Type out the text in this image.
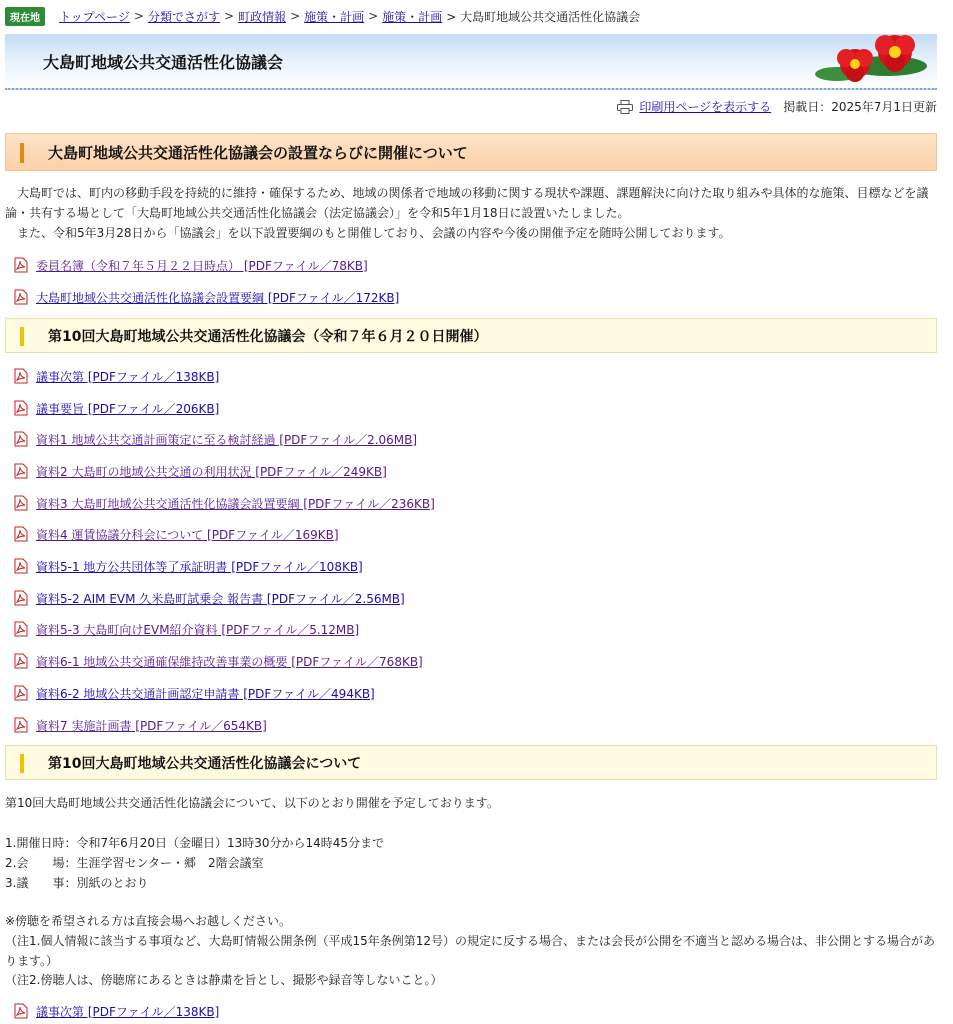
現在地	トップページ > 分類でさがす > 町政情報 > 施策・計画 > 施策・計画 > 大島町地域公共交通活性化協議会
大島町地域公共交通活性化協議会
印刷用ページを表示する 掲載日：2025年7月1日更新
大島町地域公共交通活性化協議会の設置ならびに開催について
　大島町では、町内の移動手段を持続的に維持・確保するため、地域の関係者で地域の移動に関する現状や課題、課題解決に向けた取り組みや具体的な施策、目標などを議論・共有する場として「大島町地域公共交通活性化協議会（法定協議会）」を令和5年1月18日に設置いたしました。
　また、令和5年3月28日から「協議会」を以下設置要綱のもと開催しており、会議の内容や今後の開催予定を随時公開しております。
委員名簿（令和７年５月２２日時点） [PDFファイル／78KB]
大島町地域公共交通活性化協議会設置要綱 [PDFファイル／172KB]
第10回大島町地域公共交通活性化協議会（令和７年６月２０日開催）
議事次第 [PDFファイル／138KB]
議事要旨 [PDFファイル／206KB]
資料1 地域公共交通計画策定に至る検討経過 [PDFファイル／2.06MB]
資料2 大島町の地域公共交通の利用状況 [PDFファイル／249KB]
資料3 大島町地域公共交通活性化協議会設置要綱 [PDFファイル／236KB]
資料4 運賃協議分科会について [PDFファイル／169KB]
資料5-1 地方公共団体等了承証明書 [PDFファイル／108KB]
資料5-2 AIM EVM 久米島町試乗会 報告書 [PDFファイル／2.56MB]
資料5-3 大島町向けEVM紹介資料 [PDFファイル／5.12MB]
資料6-1 地域公共交通確保維持改善事業の概要 [PDFファイル／768KB]
資料6-2 地域公共交通計画認定申請書 [PDFファイル／494KB]
資料7 実施計画書 [PDFファイル／654KB]
第10回大島町地域公共交通活性化協議会について
第10回大島町地域公共交通活性化協議会について、以下のとおり開催を予定しております。
1.開催日時：令和7年6月20日（金曜日）13時30分から14時45分まで
2.会　　場：生涯学習センター・郷　2階会議室
3.議　　事：別紙のとおり
※傍聴を希望される方は直接会場へお越しください。
（注1.個人情報に該当する事項など、大島町情報公開条例（平成15年条例第12号）の規定に反する場合、または会長が公開を不適当と認める場合は、非公開とする場合があります。）
（注2.傍聴人は、傍聴席にあるときは静粛を旨とし、撮影や録音等しないこと。）
議事次第 [PDFファイル／138KB]
